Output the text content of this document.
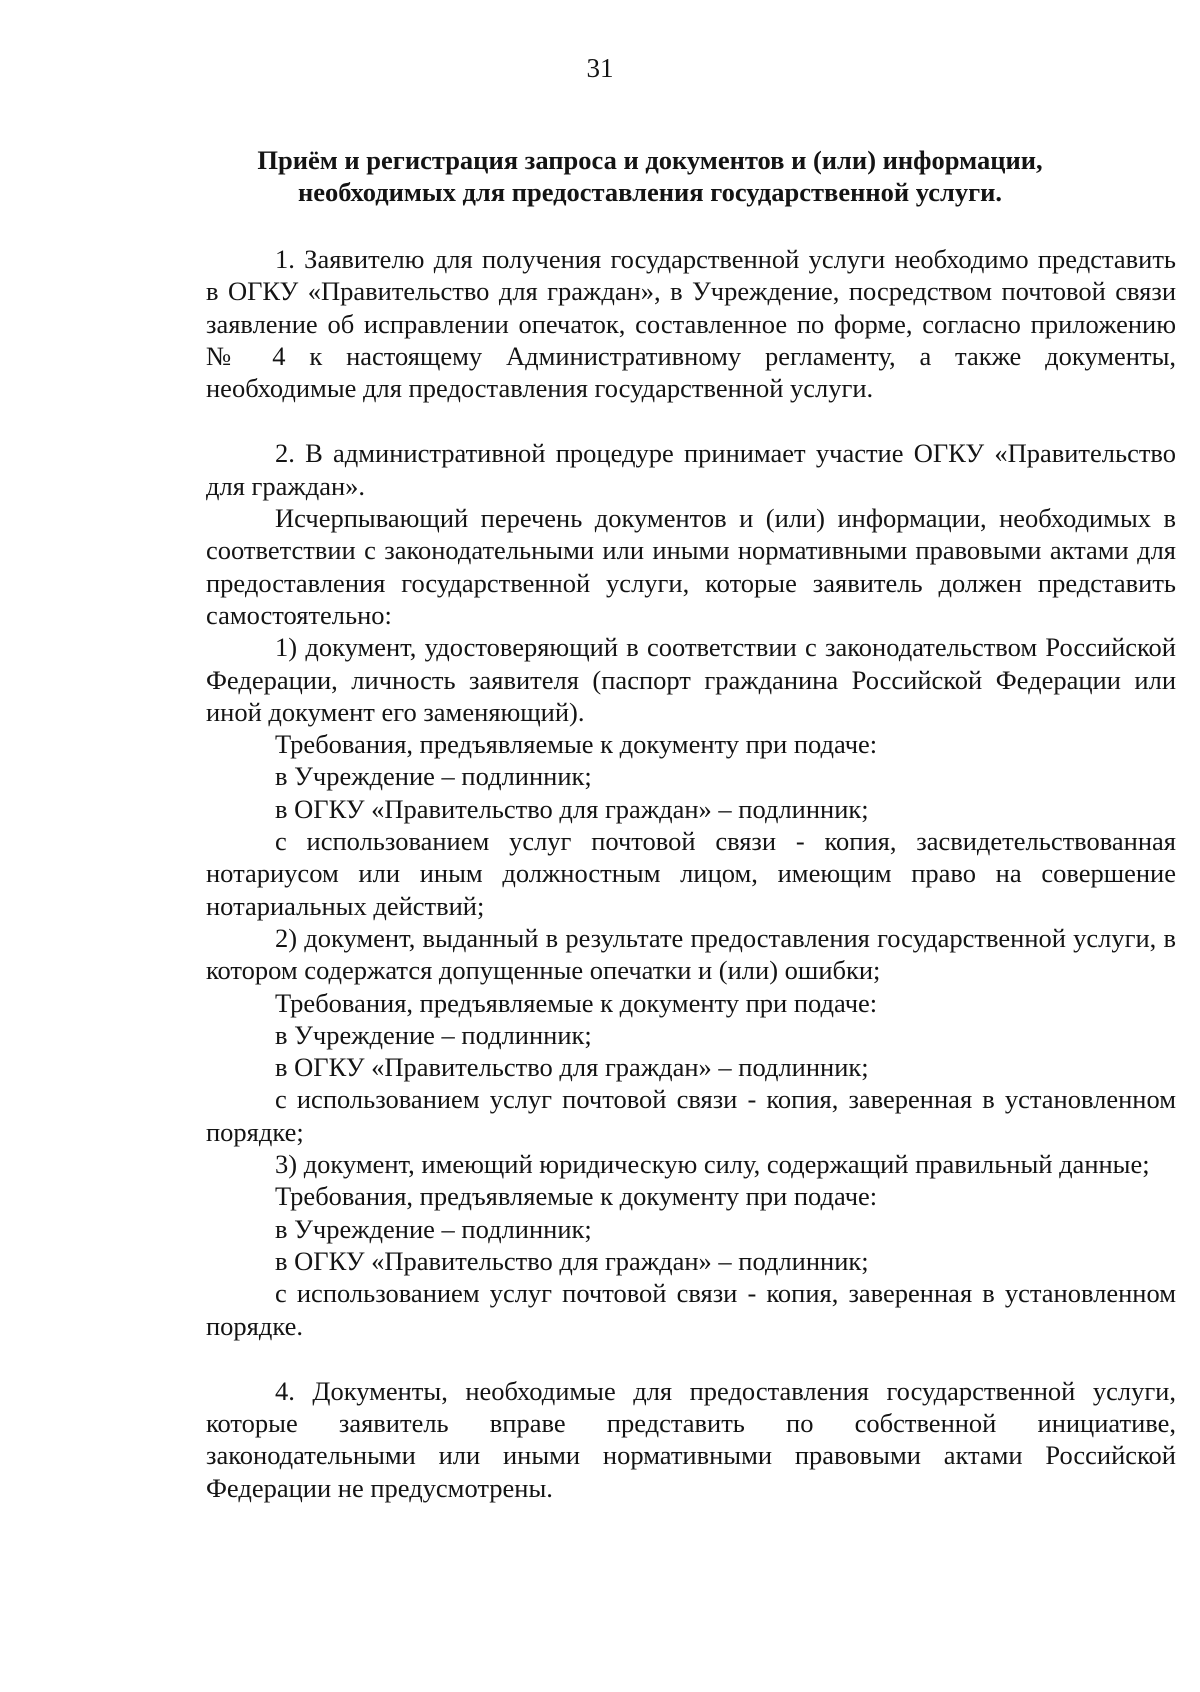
31
Приём и регистрация запроса и документов и (или) информации,
необходимых для предоставления государственной услуги.

1. Заявителю для получения государственной услуги необходимо представить в ОГКУ «Правительство для граждан», в Учреждение, посредством почтовой связи заявление об исправлении опечаток, составленное по форме, согласно приложению № 4 к настоящему Административному регламенту, а также документы, необходимые для предоставления государственной услуги.

2. В административной процедуре принимает участие ОГКУ «Правительство для граждан».

Исчерпывающий перечень документов и (или) информации, необходимых в соответствии с законодательными или иными нормативными правовыми актами для предоставления государственной услуги, которые заявитель должен представить самостоятельно:

1) документ, удостоверяющий в соответствии с законодательством Российской Федерации, личность заявителя (паспорт гражданина Российской Федерации или иной документ его заменяющий).

Требования, предъявляемые к документу при подаче:

в Учреждение – подлинник;

в ОГКУ «Правительство для граждан» – подлинник;

с использованием услуг почтовой связи - копия, засвидетельствованная нотариусом или иным должностным лицом, имеющим право на совершение нотариальных действий;

2) документ, выданный в результате предоставления государственной услуги, в котором содержатся допущенные опечатки и (или) ошибки;

Требования, предъявляемые к документу при подаче:

в Учреждение – подлинник;

в ОГКУ «Правительство для граждан» – подлинник;

с использованием услуг почтовой связи - копия, заверенная в установленном порядке;

3) документ, имеющий юридическую силу, содержащий правильный данные;

Требования, предъявляемые к документу при подаче:

в Учреждение – подлинник;

в ОГКУ «Правительство для граждан» – подлинник;

с использованием услуг почтовой связи - копия, заверенная в установленном порядке.

4. Документы, необходимые для предоставления государственной услуги, которые заявитель вправе представить по собственной инициативе, законодательными или иными нормативными правовыми актами Российской Федерации не предусмотрены.
